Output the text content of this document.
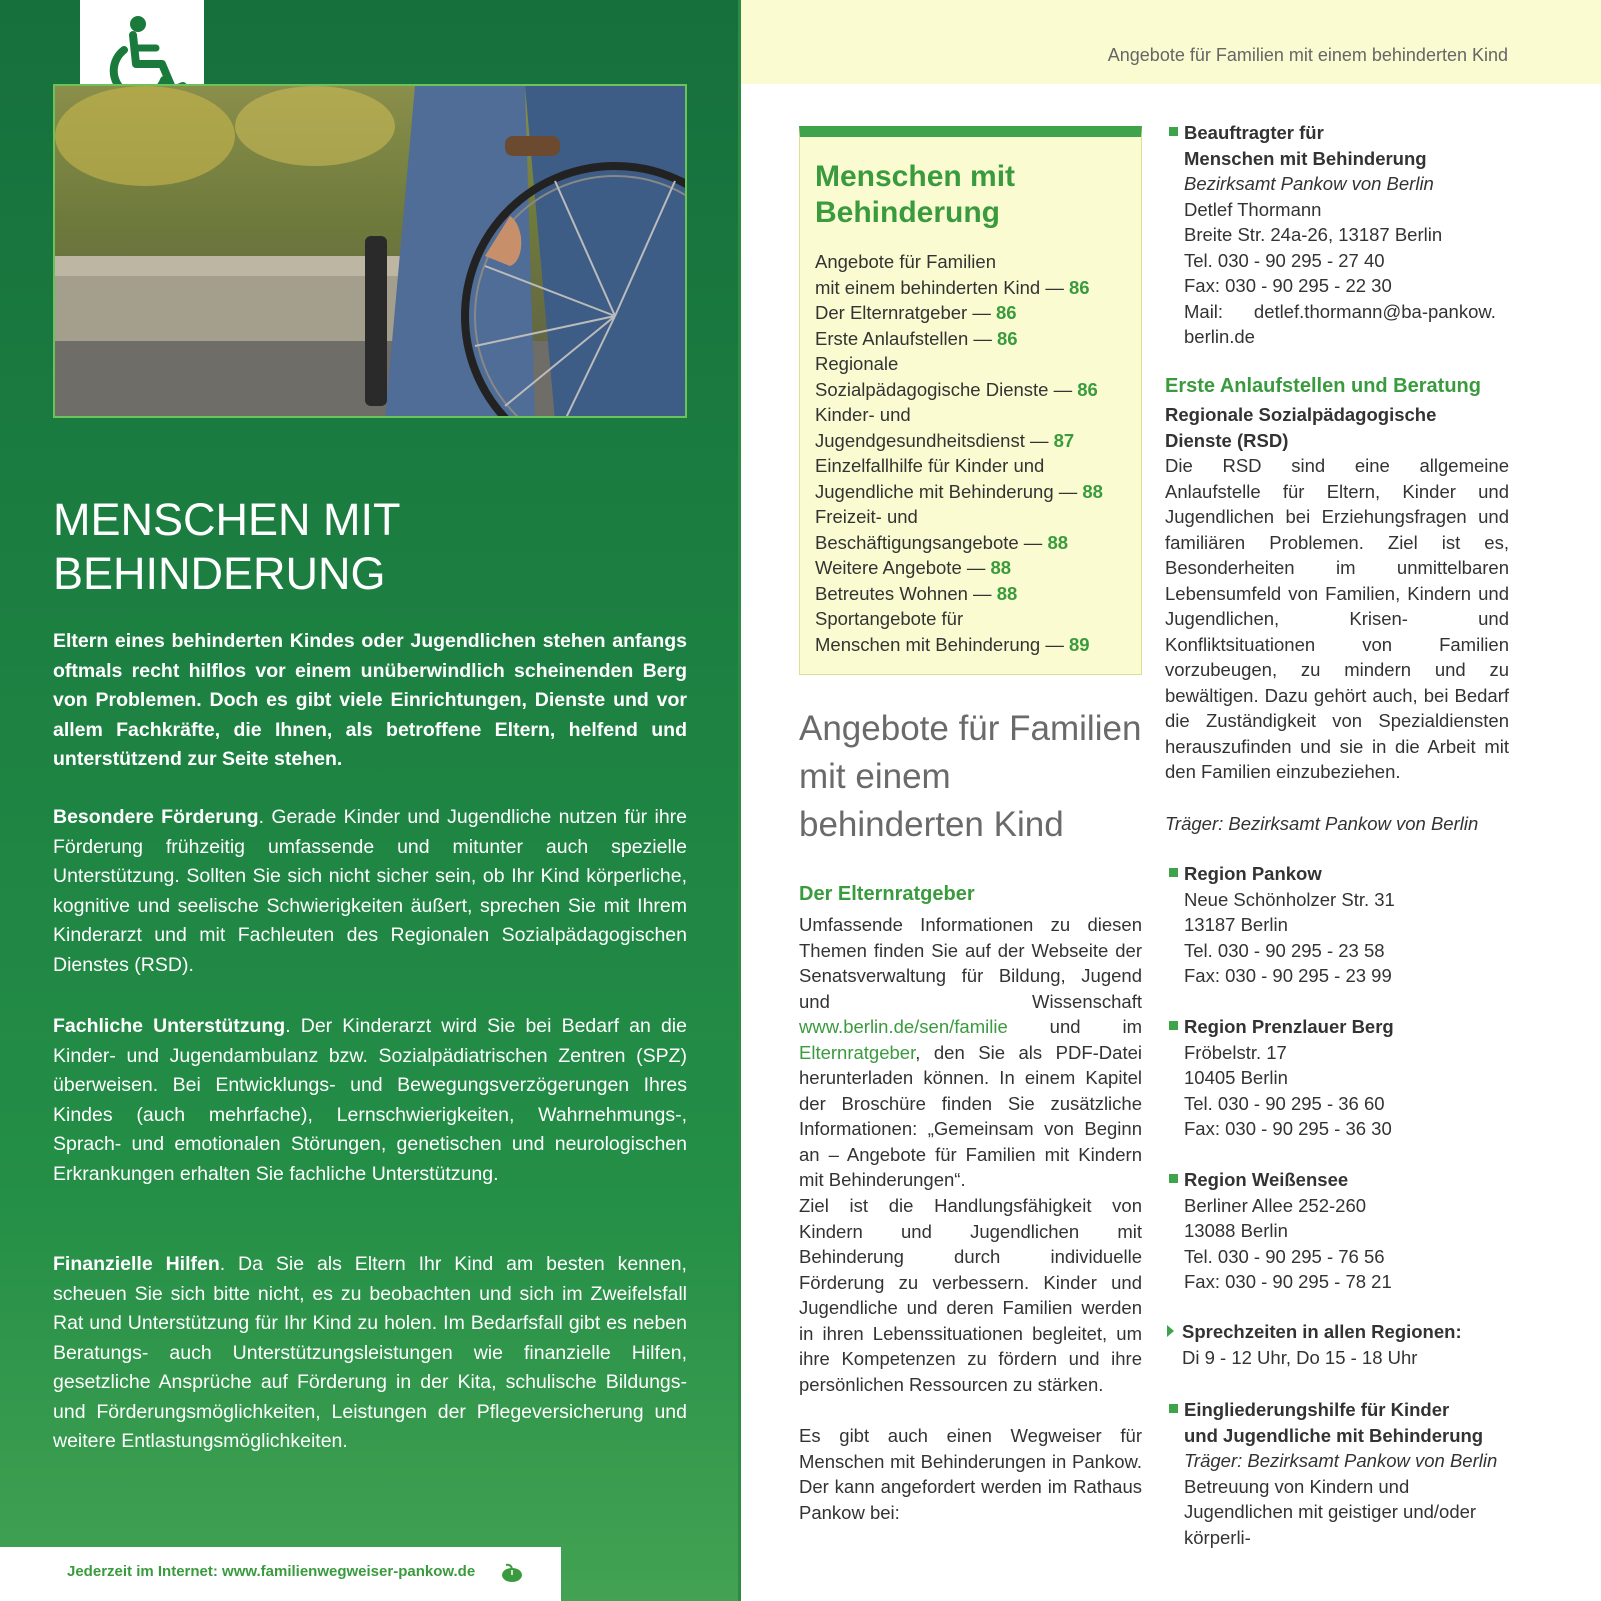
MENSCHEN MIT
BEHINDERUNG

Eltern eines behinderten Kindes oder Jugendlichen stehen anfangs oftmals recht hilflos vor einem unüberwindlich scheinenden Berg von Problemen. Doch es gibt viele Einrichtungen, Dienste und vor allem Fachkräfte, die Ihnen, als betroffene Eltern, helfend und unterstützend zur Seite stehen.

Besondere Förderung. Gerade Kinder und Jugendliche nutzen für ihre Förderung frühzeitig umfassende und mitunter auch spezielle Unterstützung. Sollten Sie sich nicht sicher sein, ob Ihr Kind körperliche, kognitive und seelische Schwierigkeiten äußert, sprechen Sie mit Ihrem Kinderarzt und mit Fachleuten des Regionalen Sozialpädagogischen Dienstes (RSD).

Fachliche Unterstützung. Der Kinderarzt wird Sie bei Bedarf an die Kinder- und Jugendambulanz bzw. Sozialpädiatrischen Zentren (SPZ) überweisen. Bei Entwicklungs- und Bewegungsverzögerungen Ihres Kindes (auch mehrfache), Lernschwierigkeiten, Wahrnehmungs-, Sprach- und emotionalen Störungen, genetischen und neurologischen Erkrankungen erhalten Sie fachliche Unterstützung.

Finanzielle Hilfen. Da Sie als Eltern Ihr Kind am besten kennen, scheuen Sie sich bitte nicht, es zu beobachten und sich im Zweifelsfall Rat und Unterstützung für Ihr Kind zu holen. Im Bedarfsfall gibt es neben Beratungs- auch Unterstützungsleistungen wie finanzielle Hilfen, gesetzliche Ansprüche auf Förderung in der Kita, schulische Bildungs- und Förderungsmöglichkeiten, Leistungen der Pflegeversicherung und weitere Entlastungsmöglichkeiten.

Jederzeit im Internet: www.familienwegweiser-pankow.de
Angebote für Familien mit einem behinderten Kind
Menschen mit
Behinderung
Angebote für Familien
mit einem behinderten Kind — 86
Der Elternratgeber — 86
Erste Anlaufstellen — 86
Regionale
Sozialpädagogische Dienste — 86
Kinder- und
Jugendgesundheitsdienst — 87
Einzelfallhilfe für Kinder und
Jugendliche mit Behinderung — 88
Freizeit- und
Beschäftigungsangebote — 88
Weitere Angebote — 88
Betreutes Wohnen — 88
Sportangebote für
Menschen mit Behinderung — 89
Angebote für Familien
mit einem
behinderten Kind
Der Elternratgeber

Umfassende Informationen zu diesen Themen finden Sie auf der Webseite der Senatsverwaltung für Bildung, Jugend und Wissenschaft www.berlin.de/sen/familie und im Elternratgeber, den Sie als PDF-Datei herunterladen können. In einem Kapitel der Broschüre finden Sie zusätzliche Informationen: „Gemeinsam von Beginn an – Angebote für Familien mit Kindern mit Behinderungen“.

Ziel ist die Handlungsfähigkeit von Kindern und Jugendlichen mit Behinderung durch individuelle Förderung zu verbessern. Kinder und Jugendliche und deren Familien werden in ihren Lebenssituationen begleitet, um ihre Kompetenzen zu fördern und ihre persönlichen Ressourcen zu stärken.

Es gibt auch einen Wegweiser für Menschen mit Behinderungen in Pankow. Der kann angefordert werden im Rathaus Pankow bei:

Beauftragter für
Menschen mit Behinderung
Bezirksamt Pankow von Berlin
Detlef Thormann
Breite Str. 24a-26, 13187 Berlin
Tel. 030 - 90 295 - 27 40
Fax: 030 - 90 295 - 22 30
Mail: detlef.thormann@ba-pankow.
berlin.de

Erste Anlaufstellen und Beratung

Regionale Sozialpädagogische
Dienste (RSD)
Die RSD sind eine allgemeine Anlaufstelle für Eltern, Kinder und Jugendlichen bei Erziehungsfragen und familiären Problemen. Ziel ist es, Besonderheiten im unmittelbaren Lebensumfeld von Familien, Kindern und Jugendlichen, Krisen- und Konfliktsituationen von Familien vorzubeugen, zu mindern und zu bewältigen. Dazu gehört auch, bei Bedarf die Zuständigkeit von Spezialdiensten herauszufinden und sie in die Arbeit mit den Familien einzubeziehen.

Träger: Bezirksamt Pankow von Berlin

Region Pankow
Neue Schönholzer Str. 31
13187 Berlin
Tel. 030 - 90 295 - 23 58
Fax: 030 - 90 295 - 23 99

Region Prenzlauer Berg
Fröbelstr. 17
10405 Berlin
Tel. 030 - 90 295 - 36 60
Fax: 030 - 90 295 - 36 30

Region Weißensee
Berliner Allee 252-260
13088 Berlin
Tel. 030 - 90 295 - 76 56
Fax: 030 - 90 295 - 78 21

Sprechzeiten in allen Regionen:
Di 9 - 12 Uhr, Do 15 - 18 Uhr

Eingliederungshilfe für Kinder
und Jugendliche mit Behinderung
Träger: Bezirksamt Pankow von Berlin
Betreuung von Kindern und Jugendlichen mit geistiger und/oder körperli-
